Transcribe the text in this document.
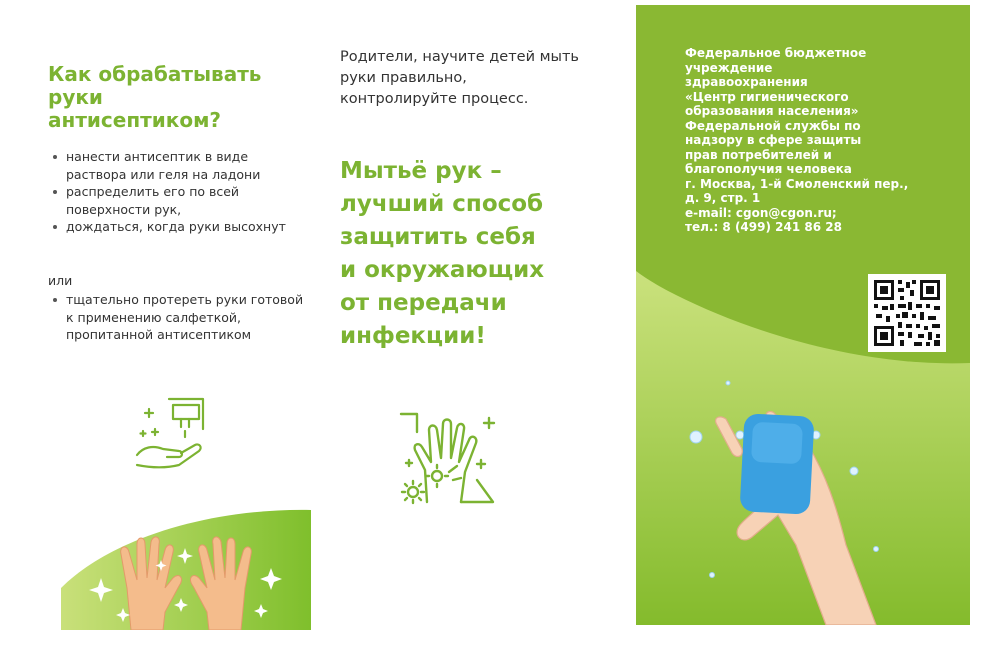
Как обрабатывать
руки
антисептиком?
нанести антисептик в виде раствора или геля на ладони
распределить его по всей поверхности рук,
дождаться, когда руки высохнут
или
тщательно протереть руки готовой к применению салфеткой, пропитанной антисептиком
Родители, научите детей мыть
руки правильно,
контролируйте процесс.
Мытьё рук –
лучший способ
защитить себя
и окружающих
от передачи
инфекции!
Федеральное бюджетное
учреждение
здравоохранения
«Центр гигиенического
образования населения»
Федеральной службы по
надзору в сфере защиты
прав потребителей и
благополучия человека
г. Москва, 1-й Смоленский пер.,
д. 9, стр. 1
e-mail: cgon@cgon.ru;
тел.: 8 (499) 241 86 28
